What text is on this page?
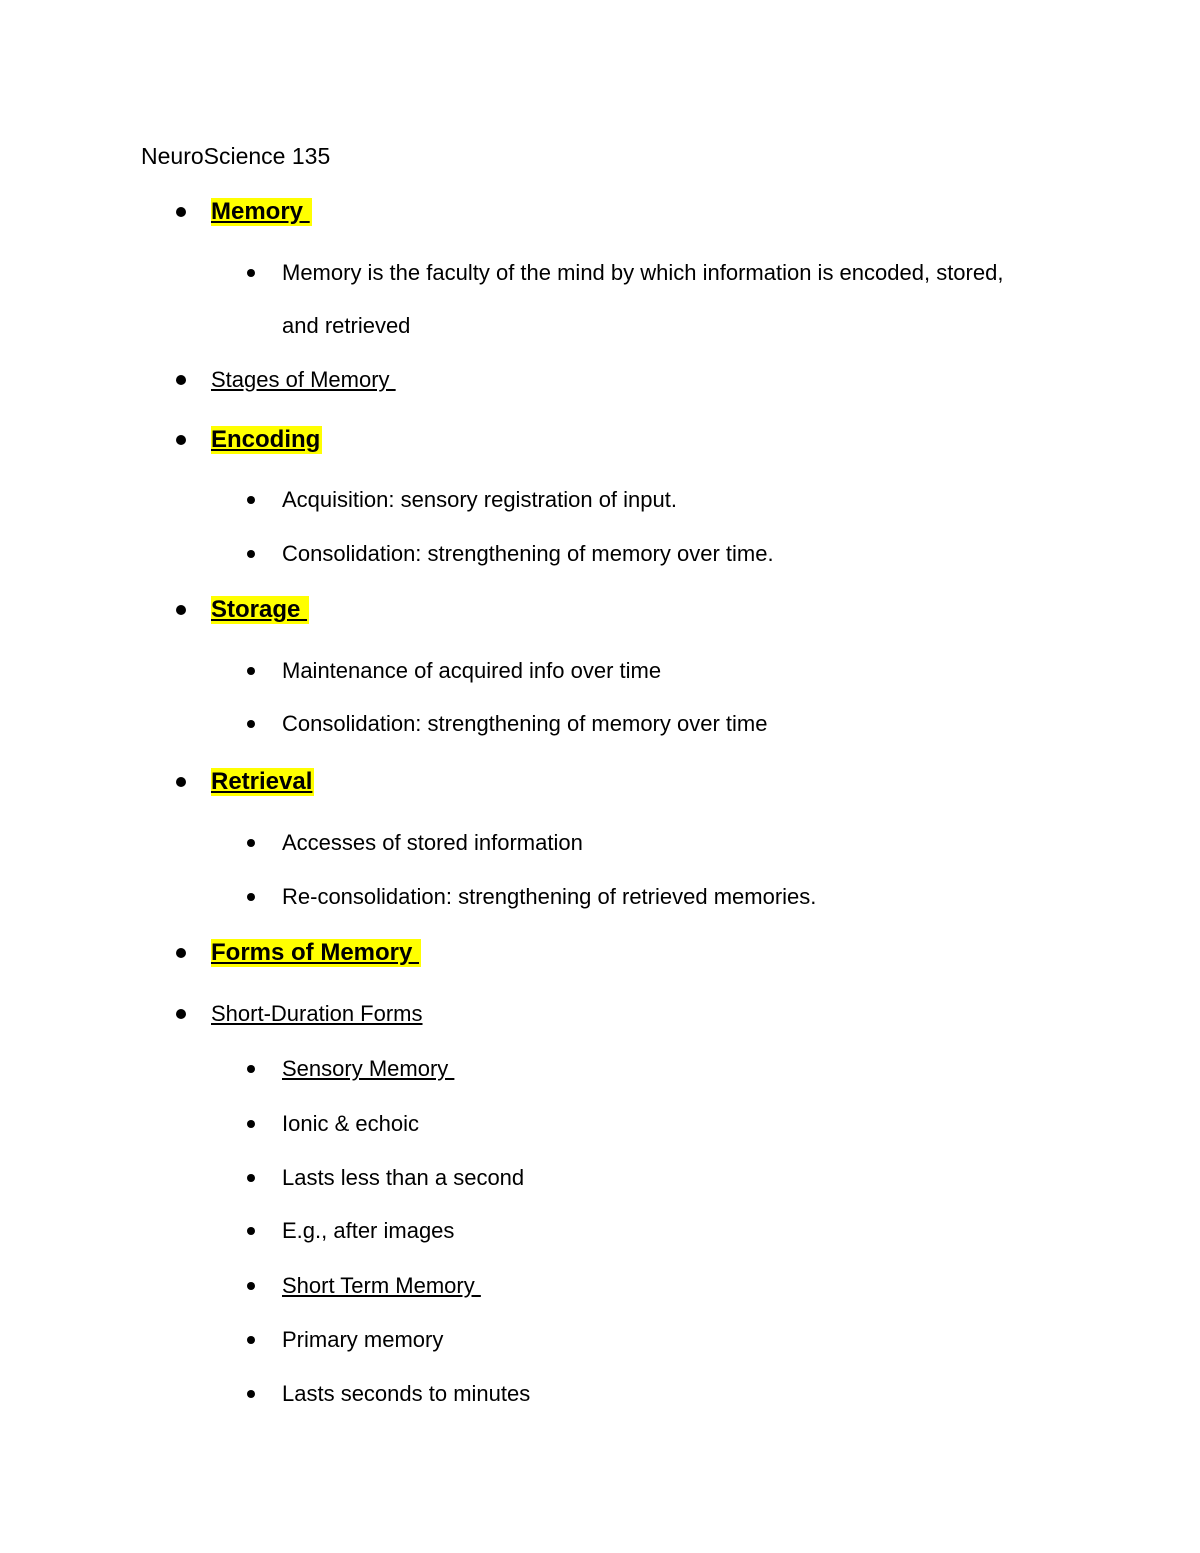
NeuroScience 135
Memory
Memory is the faculty of the mind by which information is encoded, stored,
and retrieved
Stages of Memory
Encoding
Acquisition: sensory registration of input.
Consolidation: strengthening of memory over time.
Storage
Maintenance of acquired info over time
Consolidation: strengthening of memory over time
Retrieval
Accesses of stored information
Re-consolidation: strengthening of retrieved memories.
Forms of Memory
Short-Duration Forms
Sensory Memory
Ionic & echoic
Lasts less than a second
E.g., after images
Short Term Memory
Primary memory
Lasts seconds to minutes
